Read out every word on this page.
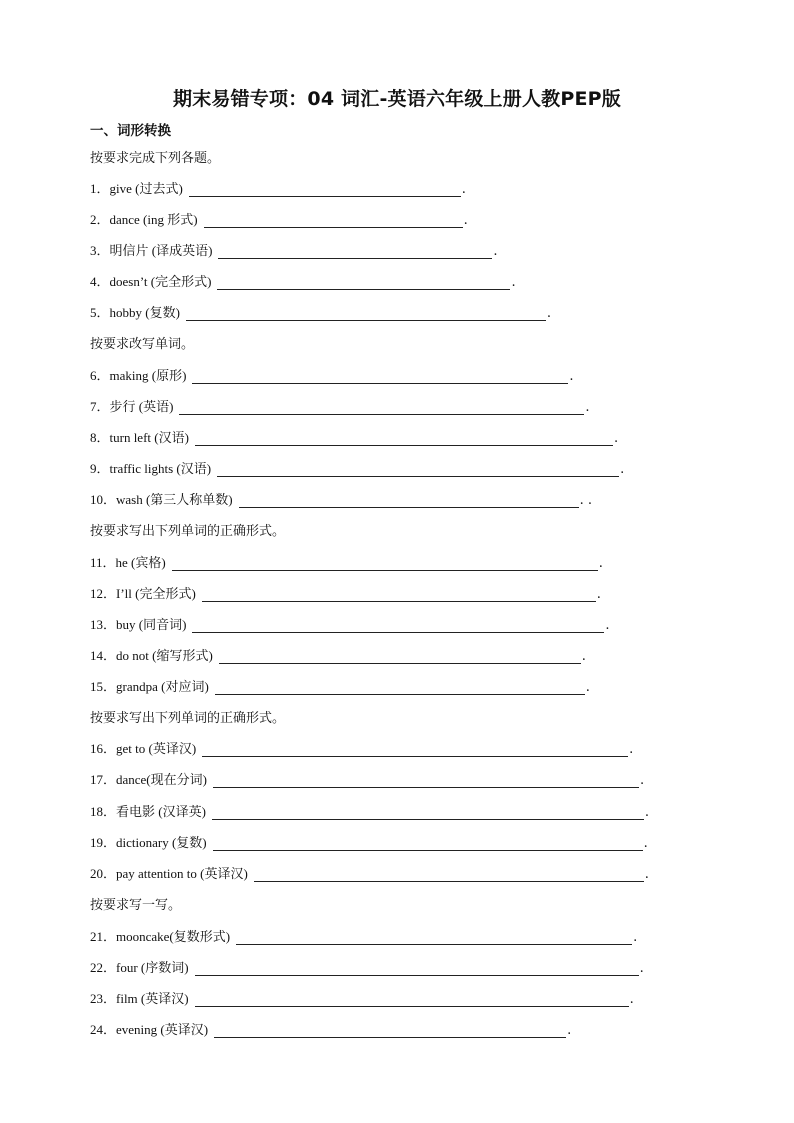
期末易错专项：04 词汇-英语六年级上册人教PEP版
一、词形转换
按要求完成下列各题。
1．give (过去式)	.
2．dance (ing 形式)	.
3．明信片 (译成英语)	.
4．doesn’t (完全形式)	.
5．hobby (复数)	.
按要求改写单词。
6．making (原形)	.
7．步行 (英语)	.
8．turn left (汉语)	.
9．traffic lights (汉语)	.
10．wash (第三人称单数)	. .
按要求写出下列单词的正确形式。
11．he (宾格)	.
12．I’ll (完全形式)	.
13．buy (同音词)	.
14．do not (缩写形式)	.
15．grandpa (对应词)	.
按要求写出下列单词的正确形式。
16．get to (英译汉)	.
17．dance(现在分词)	.
18．看电影 (汉译英)	.
19．dictionary (复数)	.
20．pay attention to (英译汉)	.
按要求写一写。
21．mooncake(复数形式)	.
22．four (序数词)	.
23．film (英译汉)	.
24．evening (英译汉)	.
